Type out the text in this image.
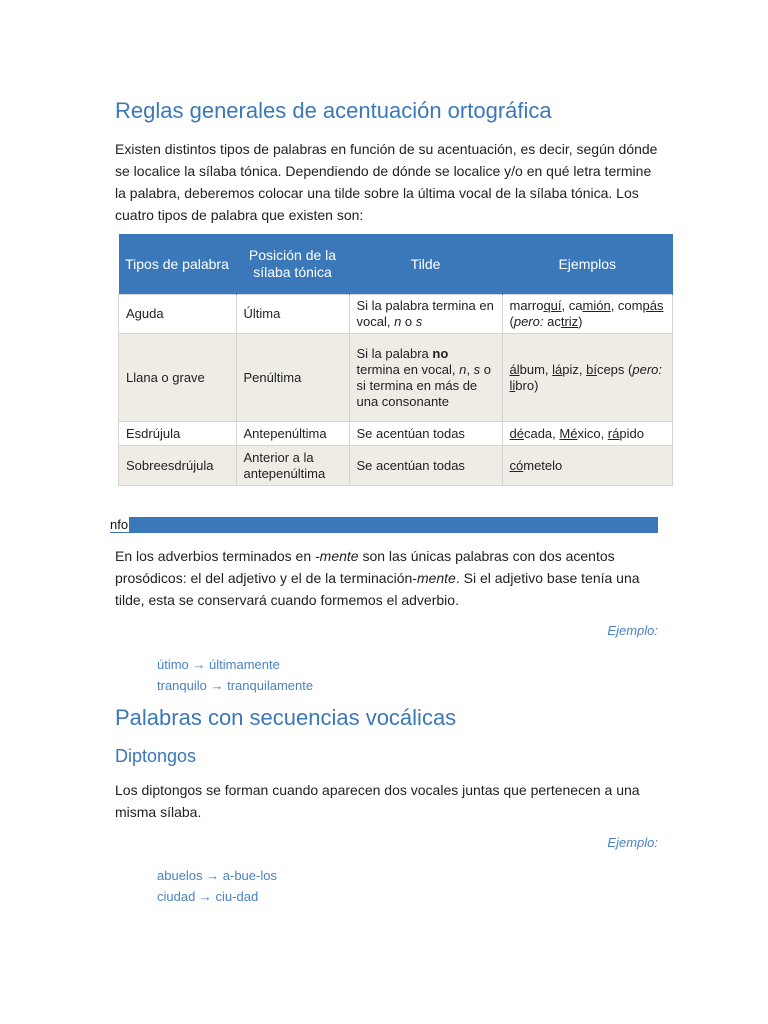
Reglas generales de acentuación ortográfica

Existen distintos tipos de palabras en función de su acentuación, es decir, según dónde se localice la sílaba tónica. Dependiendo de dónde se localice y/o en qué letra termine la palabra, deberemos colocar una tilde sobre la última vocal de la sílaba tónica. Los cuatro tipos de palabra que existen son:

Tipos de palabra	Posición de la sílaba tónica	Tilde	Ejemplos
Aguda	Última	Si la palabra termina en vocal, n o s	marroquí, camión, compás (pero: actriz)
Llana o grave	Penúltima	Si la palabra no termina en vocal, n, s o si termina en más de una consonante	álbum, lápiz, bíceps (pero: libro)
Esdrújula	Antepenúltima	Se acentúan todas	década, México, rápido
Sobreesdrújula	Anterior a la antepenúltima	Se acentúan todas	cómetelo
nfo

En los adverbios terminados en -mente son las únicas palabras con dos acentos prosódicos: el del adjetivo y el de la terminación-mente. Si el adjetivo base tenía una tilde, esta se conservará cuando formemos el adverbio.

Ejemplo:
útimo → últimamente
tranquilo → tranquilamente
Palabras con secuencias vocálicas
Diptongos

Los diptongos se forman cuando aparecen dos vocales juntas que pertenecen a una misma sílaba.

Ejemplo:
abuelos → a-bue-los
ciudad → ciu-dad
